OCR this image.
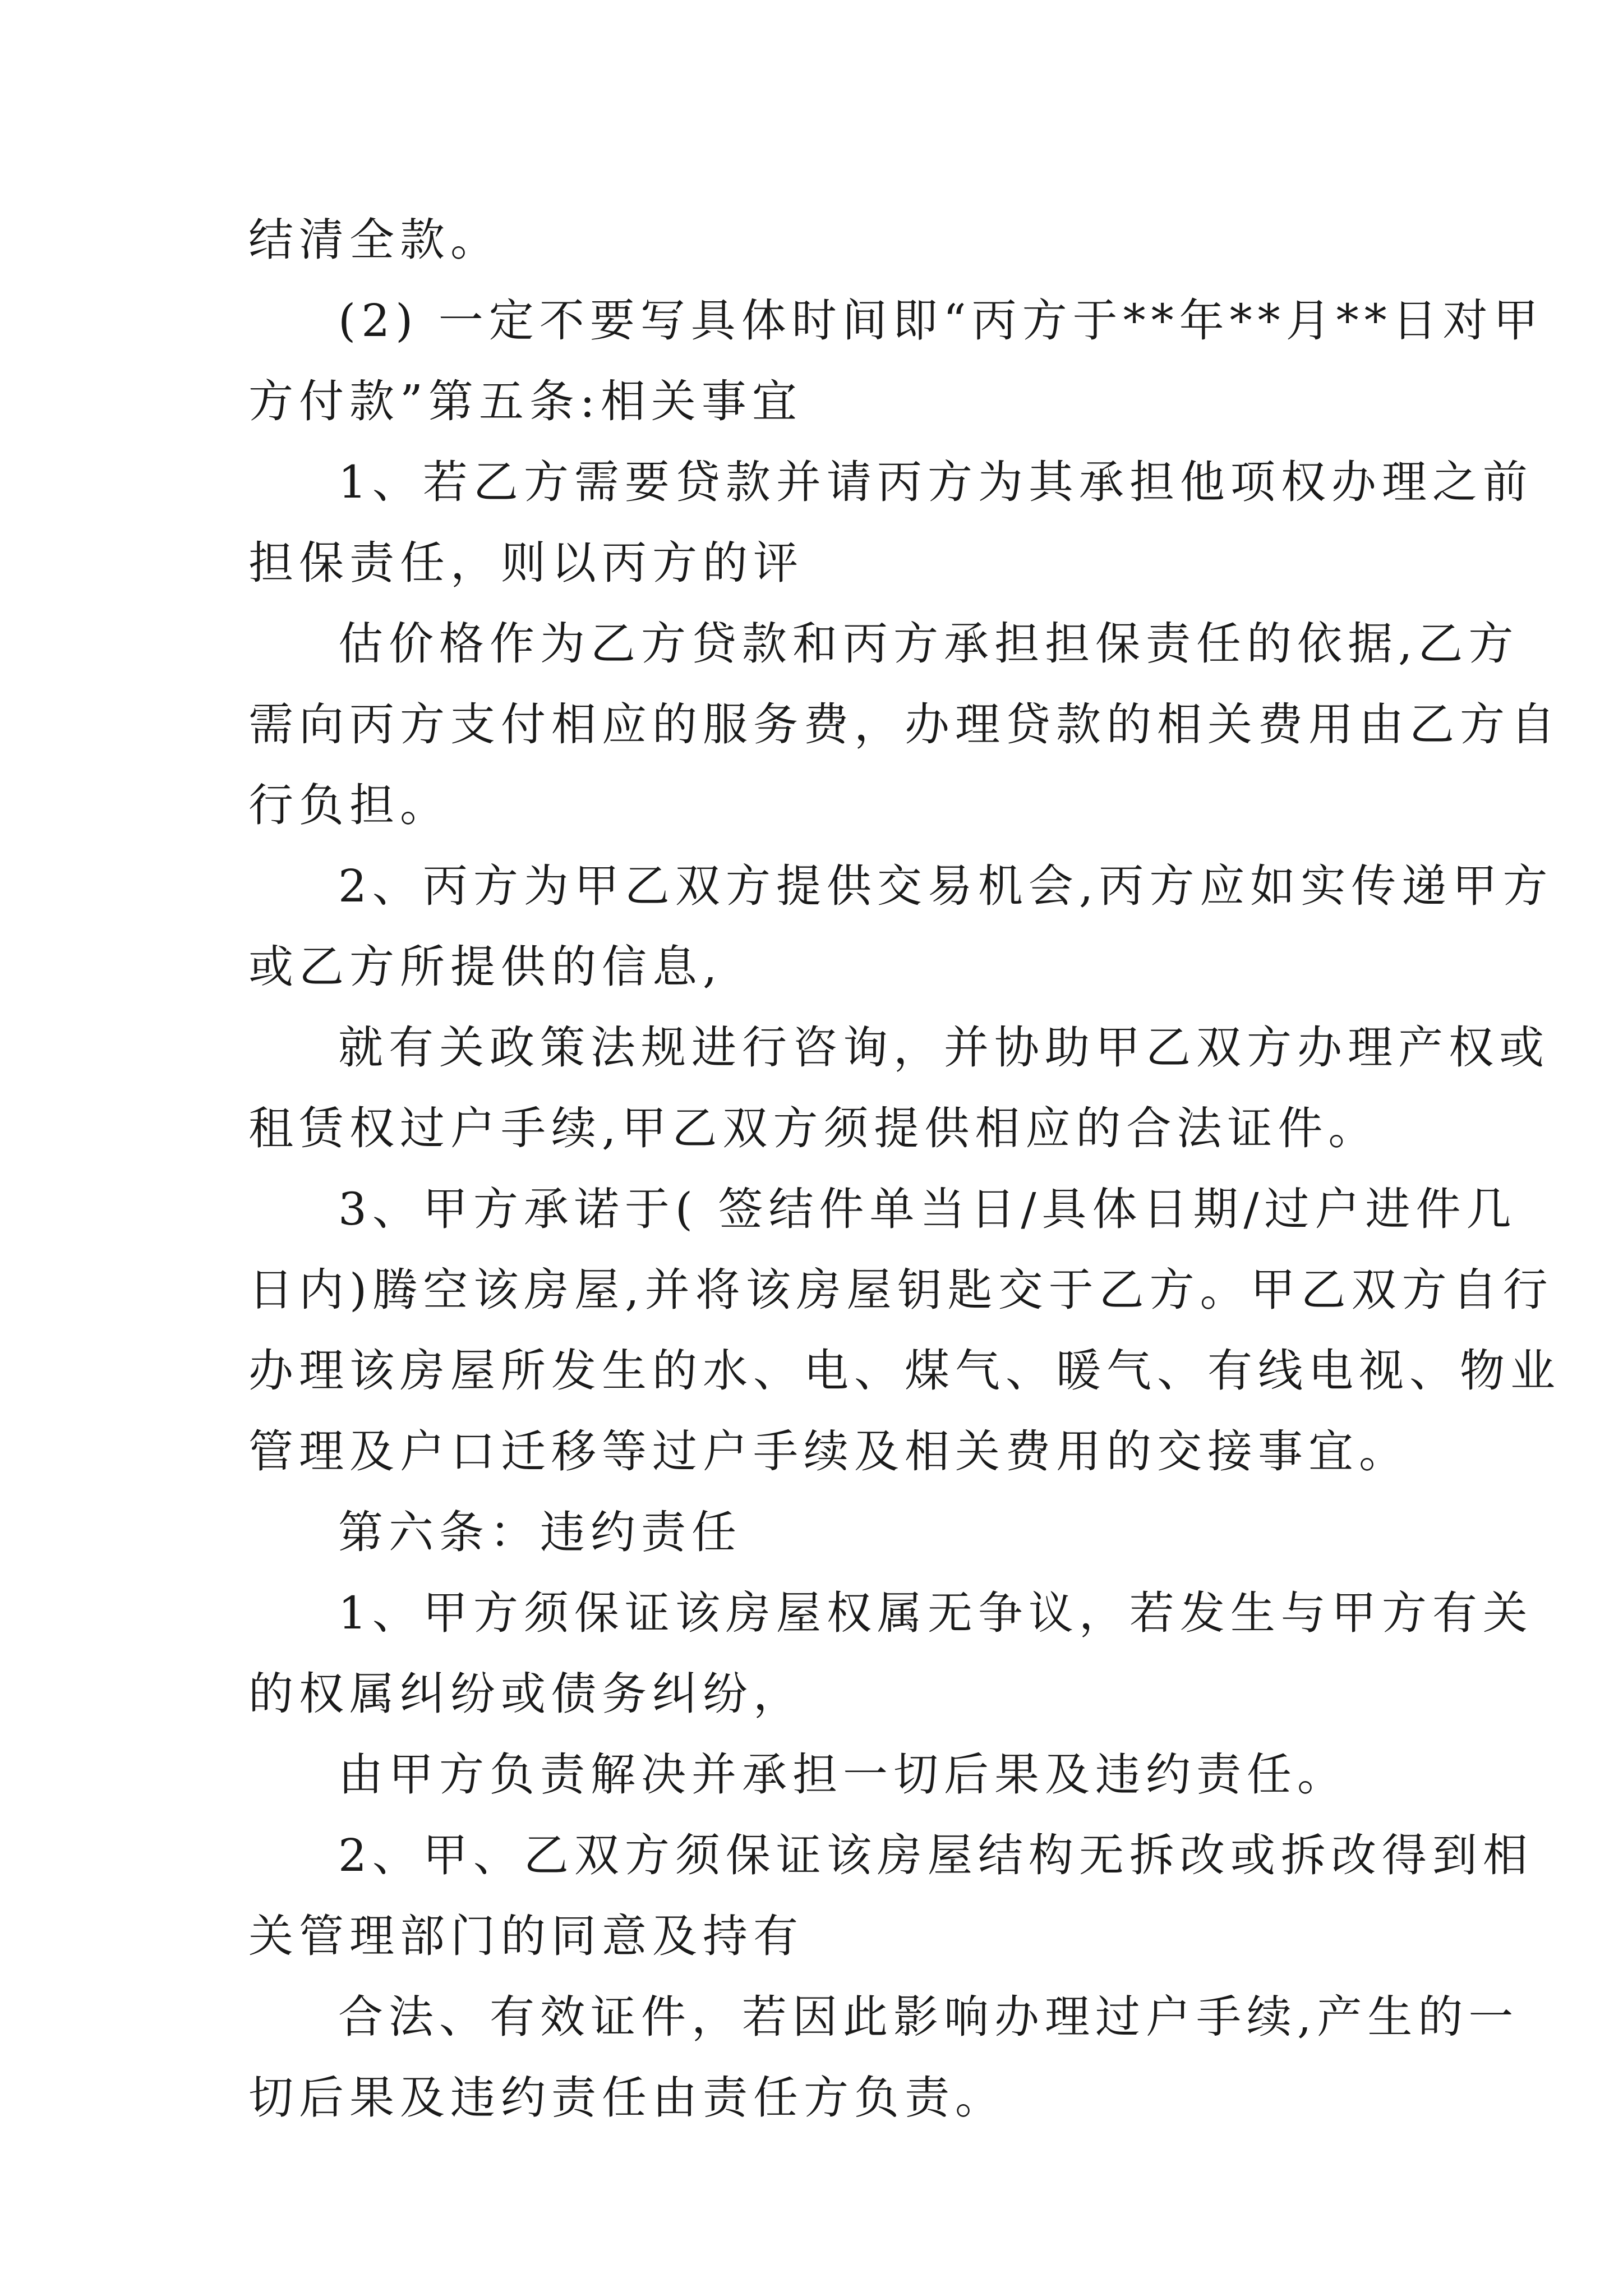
结清全款。
(2) 一定不要写具体时间即“丙方于**年**月**日对甲
方付款”第五条:相关事宜
1、若乙方需要贷款并请丙方为其承担他项权办理之前
担保责任，则以丙方的评
估价格作为乙方贷款和丙方承担担保责任的依据,乙方
需向丙方支付相应的服务费，办理贷款的相关费用由乙方自
行负担。
2、丙方为甲乙双方提供交易机会,丙方应如实传递甲方
或乙方所提供的信息,
就有关政策法规进行咨询，并协助甲乙双方办理产权或
租赁权过户手续,甲乙双方须提供相应的合法证件。
3、甲方承诺于( 签结件单当日/具体日期/过户进件几
日内)腾空该房屋,并将该房屋钥匙交于乙方。甲乙双方自行
办理该房屋所发生的水、电、煤气、暖气、有线电视、物业
管理及户口迁移等过户手续及相关费用的交接事宜。
第六条：违约责任
1、甲方须保证该房屋权属无争议，若发生与甲方有关
的权属纠纷或债务纠纷，
由甲方负责解决并承担一切后果及违约责任。
2、甲、乙双方须保证该房屋结构无拆改或拆改得到相
关管理部门的同意及持有
合法、有效证件，若因此影响办理过户手续,产生的一
切后果及违约责任由责任方负责。
